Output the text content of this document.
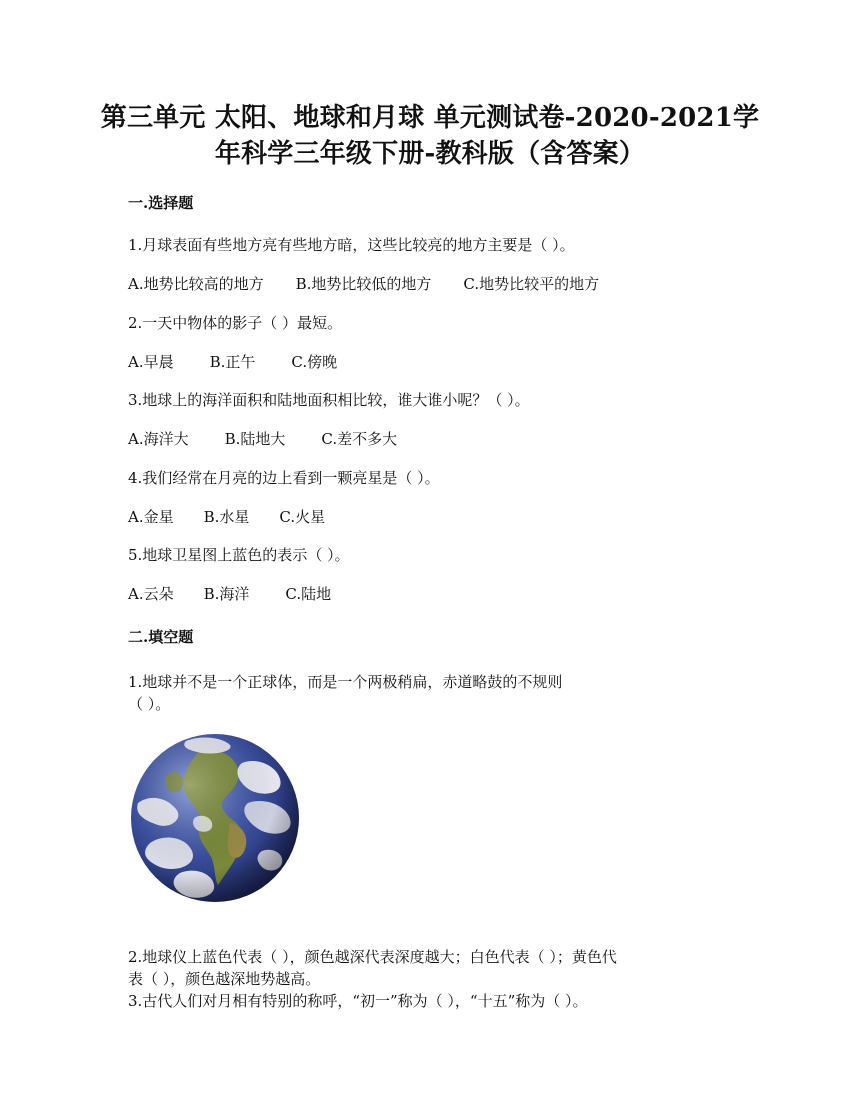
第三单元 太阳、地球和月球 单元测试卷-2020-2021学
年科学三年级下册-教科版（含答案）
一.选择题
1.月球表面有些地方亮有些地方暗，这些比较亮的地方主要是（ ）。
A.地势比较高的地方 B.地势比较低的地方 C.地势比较平的地方
2.一天中物体的影子（ ）最短。
A.早晨 B.正午 C.傍晚
3.地球上的海洋面积和陆地面积相比较，谁大谁小呢？（ ）。
A.海洋大 B.陆地大 C.差不多大
4.我们经常在月亮的边上看到一颗亮星是（ ）。
A.金星 B.水星 C.火星
5.地球卫星图上蓝色的表示（ ）。
A.云朵 B.海洋 C.陆地
二.填空题
1.地球并不是一个正球体，而是一个两极稍扁，赤道略鼓的不规则
（ ）。
2.地球仪上蓝色代表（ ），颜色越深代表深度越大；白色代表（ ）；黄色代
表（ ），颜色越深地势越高。
3.古代人们对月相有特别的称呼，“初一”称为（ ），“十五”称为（ ）。
